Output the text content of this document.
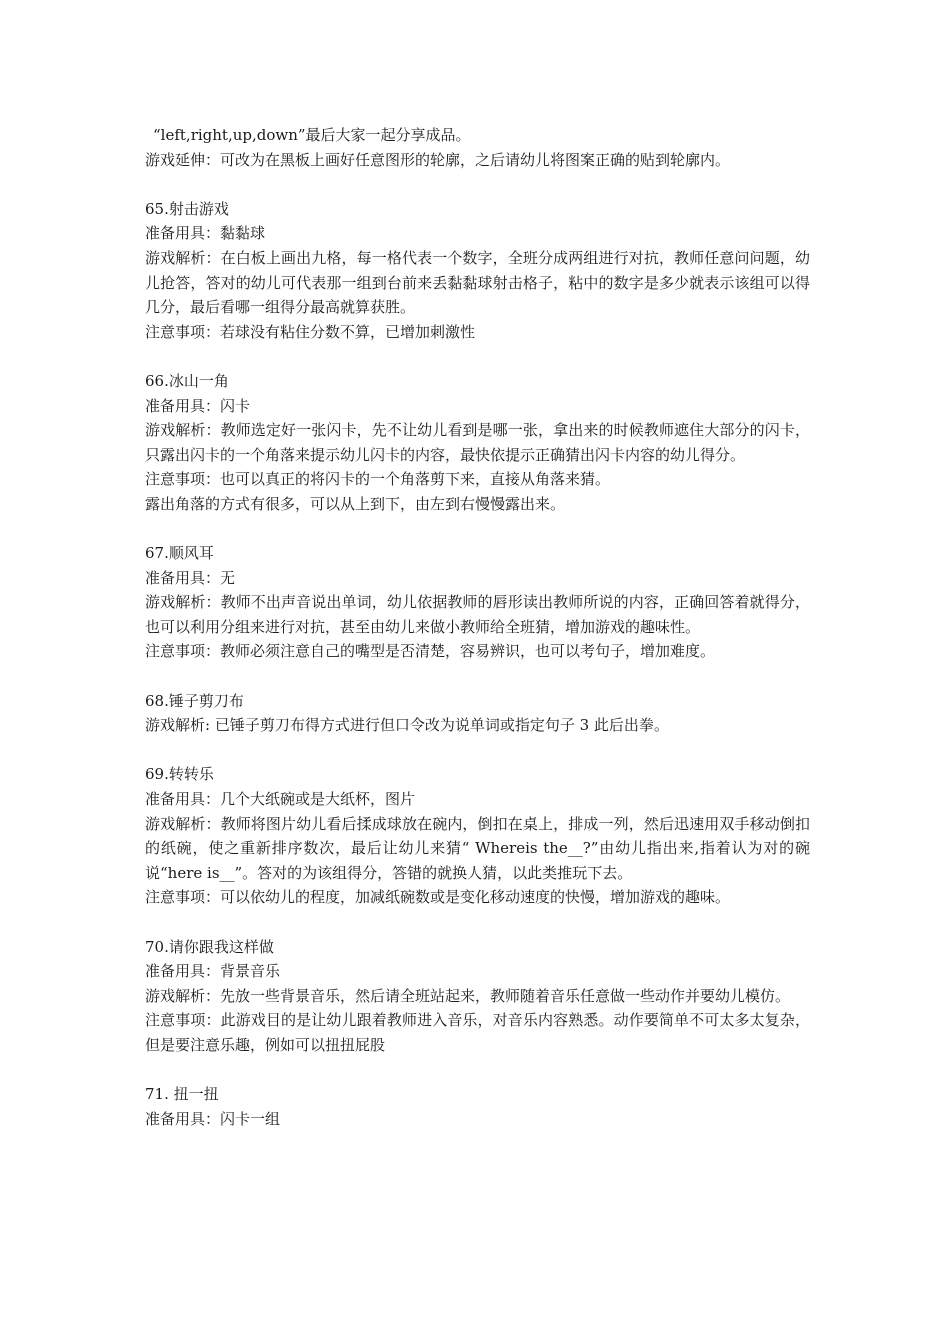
“left,right,up,down”最后大家一起分享成品。

游戏延伸：可改为在黑板上画好任意图形的轮廓，之后请幼儿将图案正确的贴到轮廓内。

65.射击游戏

准备用具：黏黏球

游戏解析：在白板上画出九格，每一格代表一个数字，全班分成两组进行对抗，教师任意问问题，幼儿抢答，答对的幼儿可代表那一组到台前来丢黏黏球射击格子，粘中的数字是多少就表示该组可以得几分，最后看哪一组得分最高就算获胜。

注意事项：若球没有粘住分数不算，已增加刺激性

66.冰山一角

准备用具：闪卡

游戏解析：教师选定好一张闪卡，先不让幼儿看到是哪一张，拿出来的时候教师遮住大部分的闪卡，只露出闪卡的一个角落来提示幼儿闪卡的内容，最快依提示正确猜出闪卡内容的幼儿得分。

注意事项：也可以真正的将闪卡的一个角落剪下来，直接从角落来猜。

露出角落的方式有很多，可以从上到下，由左到右慢慢露出来。

67.顺风耳

准备用具：无

游戏解析：教师不出声音说出单词，幼儿依据教师的唇形读出教师所说的内容，正确回答着就得分，也可以利用分组来进行对抗，甚至由幼儿来做小教师给全班猜，增加游戏的趣味性。

注意事项：教师必须注意自己的嘴型是否清楚，容易辨识，也可以考句子，增加难度。

68.锤子剪刀布

游戏解析: 已锤子剪刀布得方式进行但口令改为说单词或指定句子 3 此后出拳。

69.转转乐

准备用具：几个大纸碗或是大纸杯，图片

游戏解析：教师将图片幼儿看后揉成球放在碗内，倒扣在桌上，排成一列，然后迅速用双手移动倒扣的纸碗，使之重新排序数次，最后让幼儿来猜“ Whereis the__?”由幼儿指出来,指着认为对的碗说“here is__”。答对的为该组得分，答错的就换人猜，以此类推玩下去。

注意事项：可以依幼儿的程度，加减纸碗数或是变化移动速度的快慢，增加游戏的趣味。

70.请你跟我这样做

准备用具：背景音乐

游戏解析：先放一些背景音乐，然后请全班站起来，教师随着音乐任意做一些动作并要幼儿模仿。

注意事项：此游戏目的是让幼儿跟着教师进入音乐，对音乐内容熟悉。动作要简单不可太多太复杂，但是要注意乐趣，例如可以扭扭屁股

71. 扭一扭

准备用具：闪卡一组
